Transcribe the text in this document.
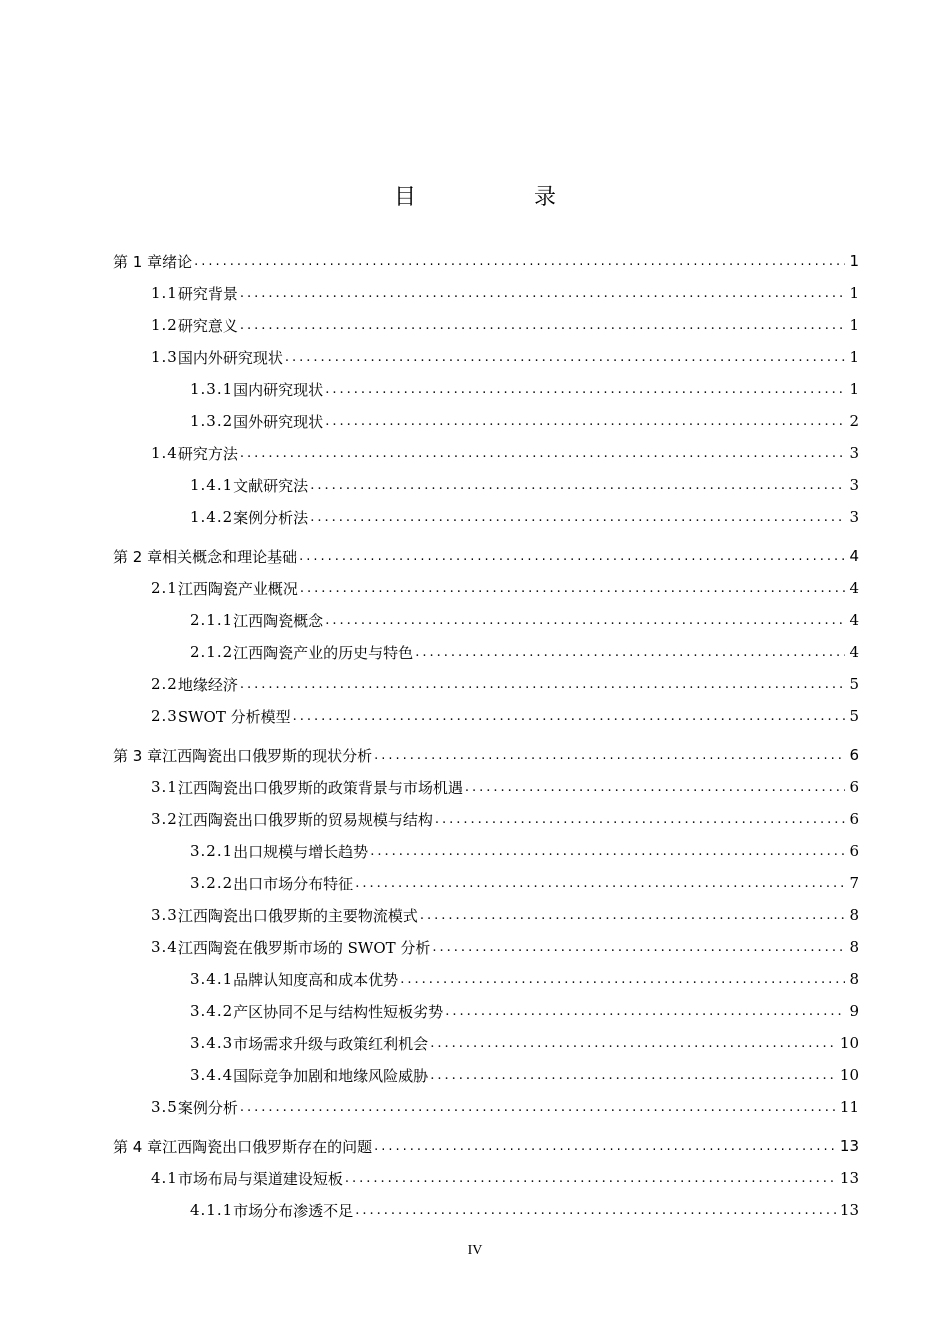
目　录
第 1 章 绪论 .....	1
1.1 研究背景 .....	1
1.2 研究意义 .....	1
1.3 国内外研究现状 .....	1
1.3.1 国内研究现状 .....	1
1.3.2 国外研究现状 .....	2
1.4 研究方法 .....	3
1.4.1 文献研究法 .....	3
1.4.2 案例分析法 .....	3
第 2 章 相关概念和理论基础 .....	4
2.1 江西陶瓷产业概况 .....	4
2.1.1 江西陶瓷概念 .....	4
2.1.2 江西陶瓷产业的历史与特色 .....	4
2.2 地缘经济 .....	5
2.3 SWOT 分析模型 .....	5
第 3 章 江西陶瓷出口俄罗斯的现状分析 .....	6
3.1 江西陶瓷出口俄罗斯的政策背景与市场机遇 .....	6
3.2 江西陶瓷出口俄罗斯的贸易规模与结构 .....	6
3.2.1 出口规模与增长趋势 .....	6
3.2.2 出口市场分布特征 .....	7
3.3 江西陶瓷出口俄罗斯的主要物流模式 .....	8
3.4 江西陶瓷在俄罗斯市场的 SWOT 分析 .....	8
3.4.1 品牌认知度高和成本优势 .....	8
3.4.2 产区协同不足与结构性短板劣势 .....	9
3.4.3 市场需求升级与政策红利机会 .....	10
3.4.4 国际竞争加剧和地缘风险威胁 .....	10
3.5 案例分析 .....	11
第 4 章 江西陶瓷出口俄罗斯存在的问题 .....	13
4.1 市场布局与渠道建设短板 .....	13
4.1.1 市场分布渗透不足 .....	13
IV
